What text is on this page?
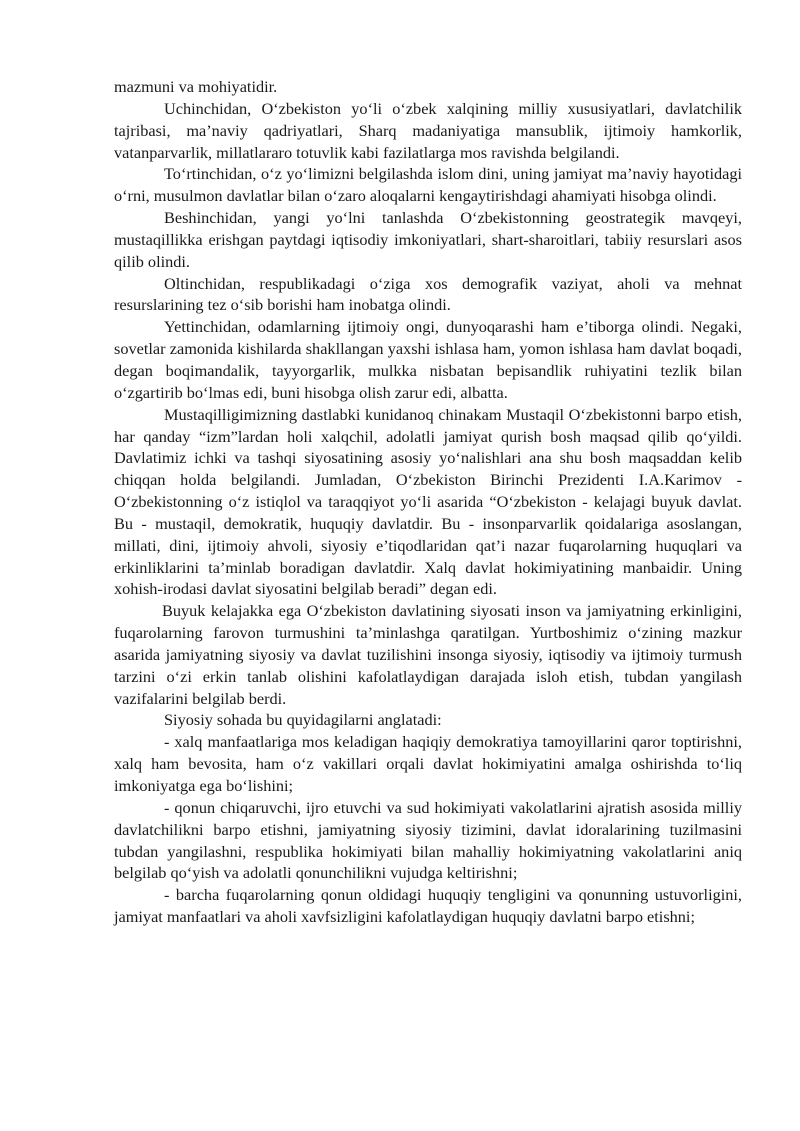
mazmuni va mohiyatidir.

Uchinchidan, O‘zbekiston yo‘li o‘zbek xalqining milliy xususiyatlari, davlatchilik tajribasi, ma’naviy qadriyatlari, Sharq madaniyatiga mansublik, ijtimoiy hamkorlik, vatanparvarlik, millatlararo totuvlik kabi fazilatlarga mos ravishda belgilandi.

To‘rtinchidan, o‘z yo‘limizni belgilashda islom dini, uning jamiyat ma’naviy hayotidagi o‘rni, musulmon davlatlar bilan o‘zaro aloqalarni kengaytirishdagi ahamiyati hisobga olindi.

Beshinchidan, yangi yo‘lni tanlashda O‘zbekistonning geostrategik mavqeyi, mustaqillikka erishgan paytdagi iqtisodiy imkoniyatlari, shart-sharoitlari, tabiiy resurslari asos qilib olindi.

Oltinchidan, respublikadagi o‘ziga xos demografik vaziyat, aholi va mehnat resurslarining tez o‘sib borishi ham inobatga olindi.

Yettinchidan, odamlarning ijtimoiy ongi, dunyoqarashi ham e’tiborga olindi. Negaki, sovetlar zamonida kishilarda shakllangan yaxshi ishlasa ham, yomon ishlasa ham davlat boqadi, degan boqimandalik, tayyorgarlik, mulkka nisbatan bepisandlik ruhiyatini tezlik bilan o‘zgartirib bo‘lmas edi, buni hisobga olish zarur edi, albatta.

Mustaqilligimizning dastlabki kunidanoq chinakam Mustaqil O‘zbekistonni barpo etish, har qanday “izm”lardan holi xalqchil, adolatli jamiyat qurish bosh maqsad qilib qo‘yildi. Davlatimiz ichki va tashqi siyosatining asosiy yo‘nalishlari ana shu bosh maqsaddan kelib chiqqan holda belgilandi. Jumladan, O‘zbekiston Birinchi Prezidenti I.A.Karimov - O‘zbekistonning o‘z istiqlol va taraqqiyot yo‘li asarida “O‘zbekiston - kelajagi buyuk davlat. Bu - mustaqil, demokratik, huquqiy davlatdir. Bu - insonparvarlik qoidalariga asoslangan, millati, dini, ijtimoiy ahvoli, siyosiy e’tiqodlaridan qat’i nazar fuqarolarning huquqlari va erkinliklarini ta’minlab boradigan davlatdir. Xalq davlat hokimiyatining manbaidir. Uning xohish-irodasi davlat siyosatini belgilab beradi” degan edi.

Buyuk kelajakka ega O‘zbekiston davlatining siyosati inson va jamiyatning erkinligini, fuqarolarning farovon turmushini ta’minlashga qaratilgan. Yurtboshimiz o‘zining mazkur asarida jamiyatning siyosiy va davlat tuzilishini insonga siyosiy, iqtisodiy va ijtimoiy turmush tarzini o‘zi erkin tanlab olishini kafolatlaydigan darajada isloh etish, tubdan yangilash vazifalarini belgilab berdi.

Siyosiy sohada bu quyidagilarni anglatadi:

- xalq manfaatlariga mos keladigan haqiqiy demokratiya tamoyillarini qaror toptirishni, xalq ham bevosita, ham o‘z vakillari orqali davlat hokimiyatini amalga oshirishda to‘liq imkoniyatga ega bo‘lishini;

- qonun chiqaruvchi, ijro etuvchi va sud hokimiyati vakolatlarini ajratish asosida milliy davlatchilikni barpo etishni, jamiyatning siyosiy tizimini, davlat idoralarining tuzilmasini tubdan yangilashni, respublika hokimiyati bilan mahalliy hokimiyatning vakolatlarini aniq belgilab qo‘yish va adolatli qonunchilikni vujudga keltirishni;

- barcha fuqarolarning qonun oldidagi huquqiy tengligini va qonunning ustuvorligini, jamiyat manfaatlari va aholi xavfsizligini kafolatlaydigan huquqiy davlatni barpo etishni;
